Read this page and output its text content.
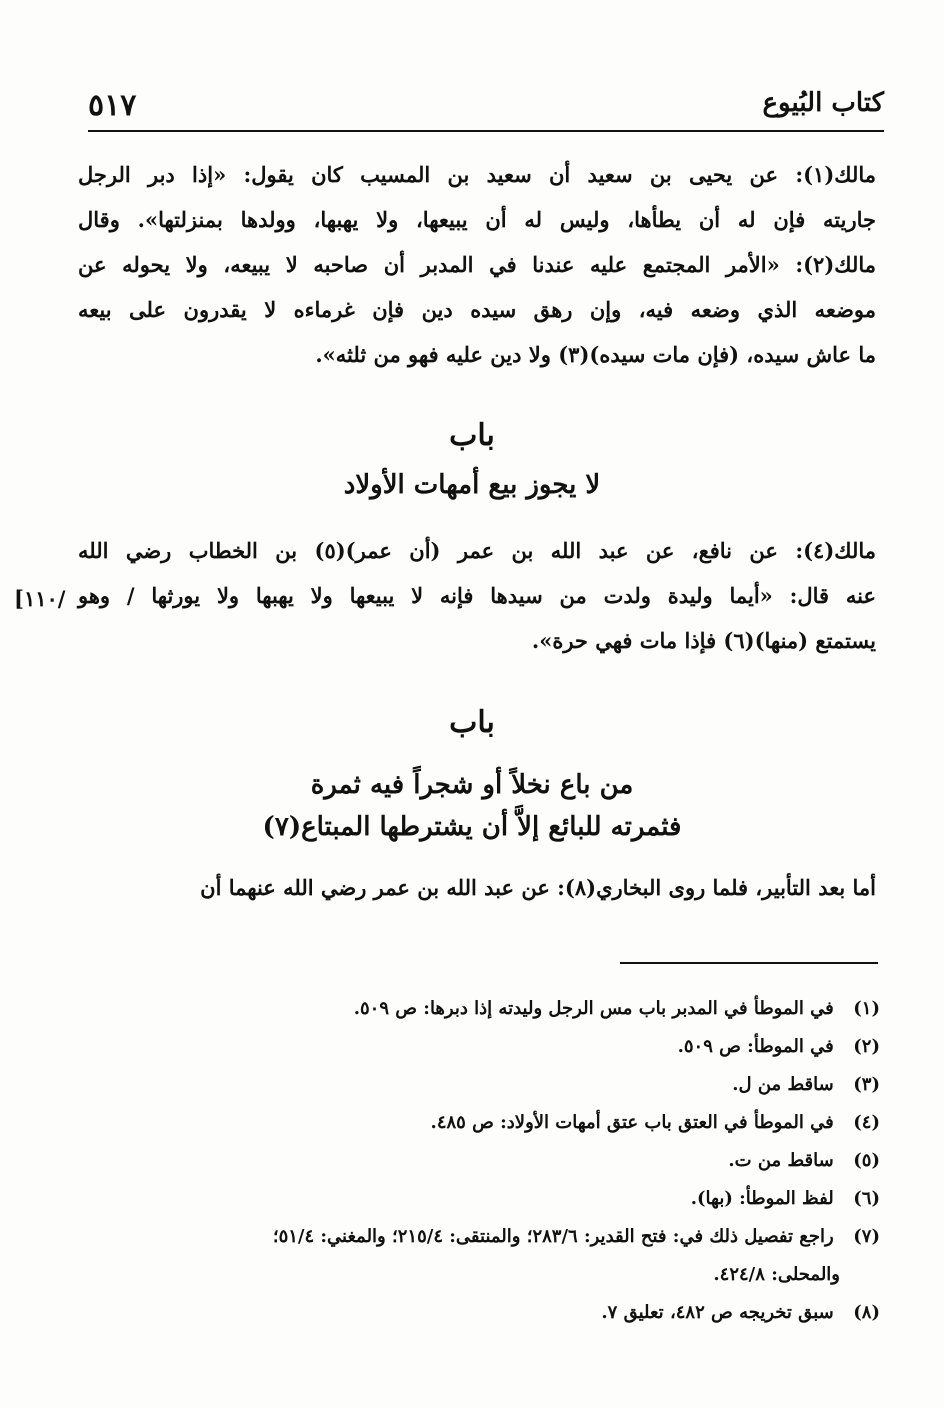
٥١٧	كتاب البُيوع
مالك(١): عن يحيى بن سعيد أن سعيد بن المسيب كان يقول: «إذا دبر الرجل
جاريته فإن له أن يطأها، وليس له أن يبيعها، ولا يهبها، وولدها بمنزلتها». وقال
مالك(٢): «الأمر المجتمع عليه عندنا في المدبر أن صاحبه لا يبيعه، ولا يحوله عن
موضعه الذي وضعه فيه، وإن رهق سيده دين فإن غرماءه لا يقدرون على بيعه
ما عاش سيده، (فإن مات سيده)(٣) ولا دين عليه فهو من ثلثه».
باب
لا يجوز بيع أمهات الأولاد
مالك(٤): عن نافع، عن عبد الله بن عمر (أن عمر)(٥) بن الخطاب رضي الله
عنه قال: «أيما وليدة ولدت من سيدها فإنه لا يبيعها ولا يهبها ولا يورثها / وهو
يستمتع (منها)(٦) فإذا مات فهي حرة».
[١١٠/
باب
من باع نخلاً أو شجراً فيه ثمرة
فثمرته للبائع إلاَّ أن يشترطها المبتاع(٧)
أما بعد التأبير، فلما روى البخاري(٨): عن عبد الله بن عمر رضي الله عنهما أن
(١) في الموطأ في المدبر باب مس الرجل وليدته إذا دبرها: ص ٥٠٩.
(٢) في الموطأ: ص ٥٠٩.
(٣) ساقط من ل.
(٤) في الموطأ في العتق باب عتق أمهات الأولاد: ص ٤٨٥.
(٥) ساقط من ت.
(٦) لفظ الموطأ: (بها).
(٧) راجع تفصيل ذلك في: فتح القدير: ٢٨٣/٦؛ والمنتقى: ٢١٥/٤؛ والمغني: ٥١/٤؛
والمحلى: ٤٢٤/٨.
(٨) سبق تخريجه ص ٤٨٢، تعليق ٧.
